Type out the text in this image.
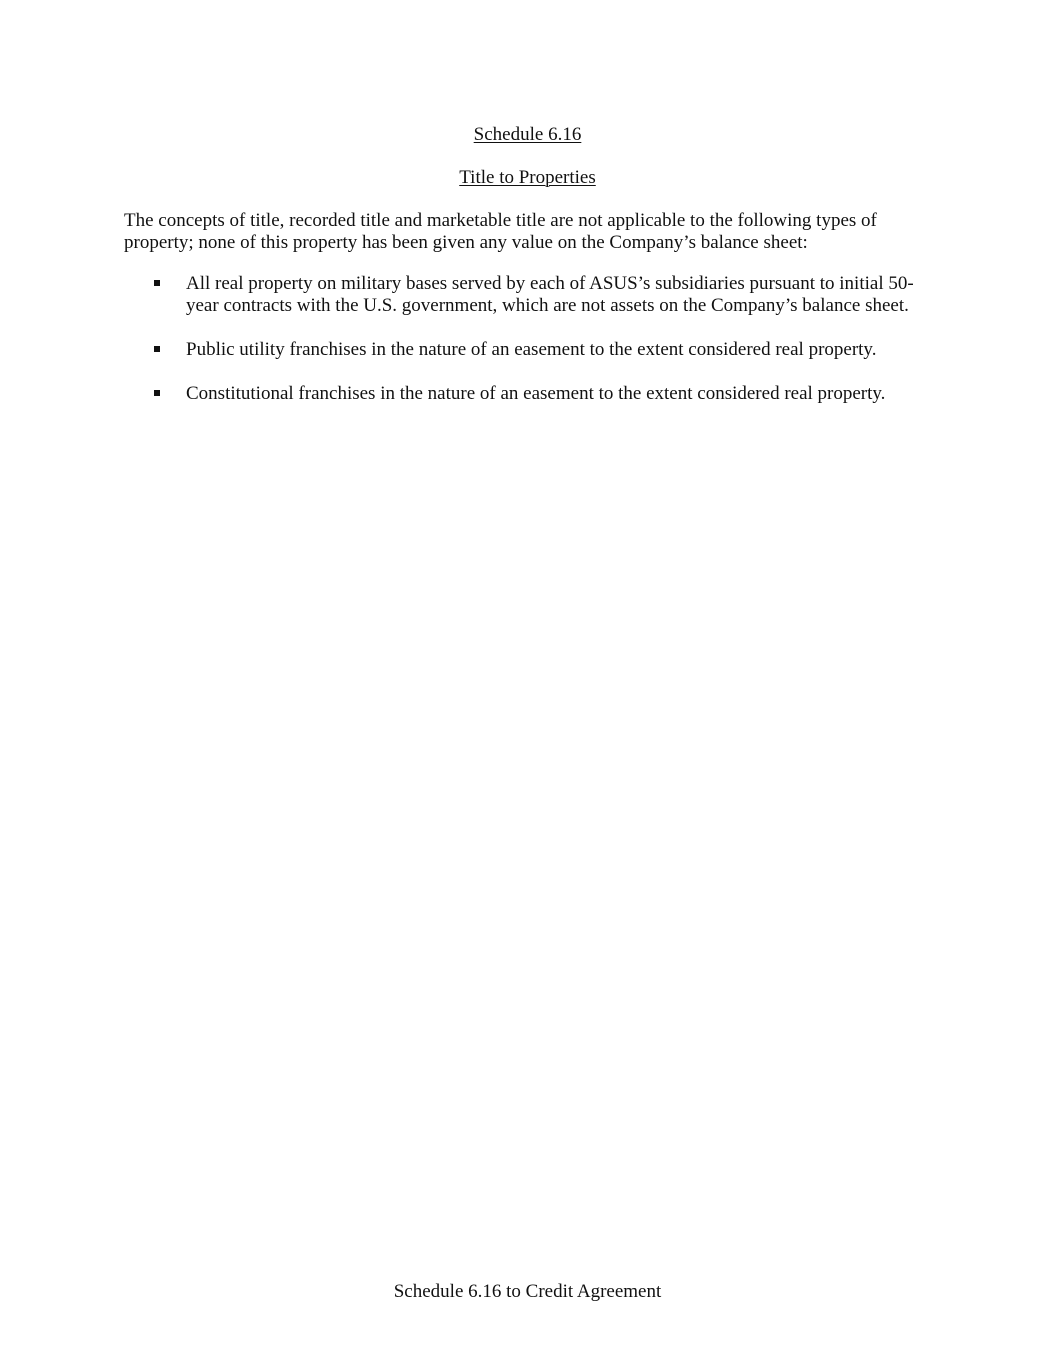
Schedule 6.16

Title to Properties

The concepts of title, recorded title and marketable title are not applicable to the following types of property; none of this property has been given any value on the Company’s balance sheet:

All real property on military bases served by each of ASUS’s subsidiaries pursuant to initial 50-year contracts with the U.S. government, which are not assets on the Company’s balance sheet.

Public utility franchises in the nature of an easement to the extent considered real property.

Constitutional franchises in the nature of an easement to the extent considered real property.

Schedule 6.16 to Credit Agreement
